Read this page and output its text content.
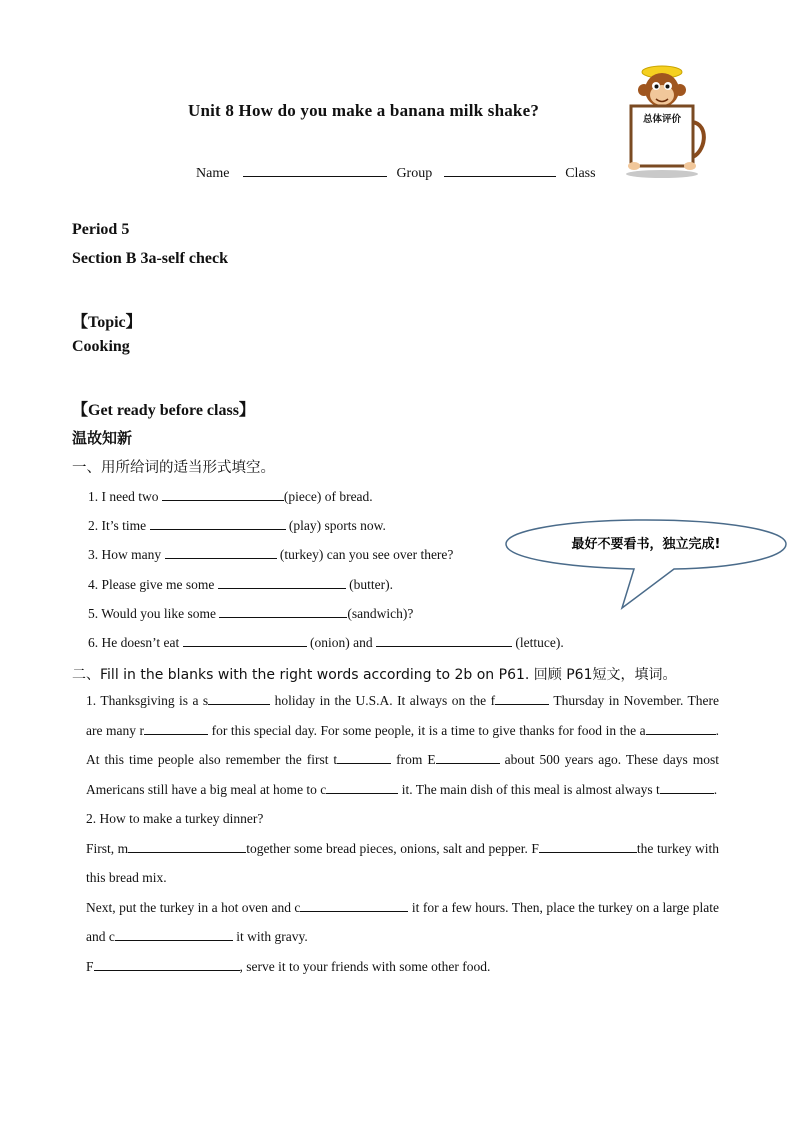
Unit 8 How do you make a banana milk shake?
Name	Group	Class
总体评价
Period 5
Section B 3a-self check
【Topic】
Cooking
【Get ready before class】
温故知新
一、用所给词的适当形式填空。
1. I need two	(piece) of bread.
2. It’s time	(play) sports now.
3. How many	(turkey) can you see over there?
4. Please give me some	(butter).
5. Would you like some	(sandwich)?
6. He doesn’t eat	(onion) and	(lettuce).
最好不要看书，独立完成!
二、Fill in the blanks with the right words according to 2b on P61. 回顾 P61短文，填词。

1. Thanksgiving is a s	holiday in the U.S.A. It always on the f	Thursday in November. There are many r	for this special day. For some people, it is a time to give thanks for food in the a	. At this time people also remember the first t	from E	about 500 years ago. These days most Americans still have a big meal at home to c	it. The main dish of this meal is almost always t	.

2. How to make a turkey dinner?

First, m	together some bread pieces, onions, salt and pepper. F	the turkey with this bread mix.

Next, put the turkey in a hot oven and c	it for a few hours. Then, place the turkey on a large plate and c	it with gravy.

F	, serve it to your friends with some other food.
